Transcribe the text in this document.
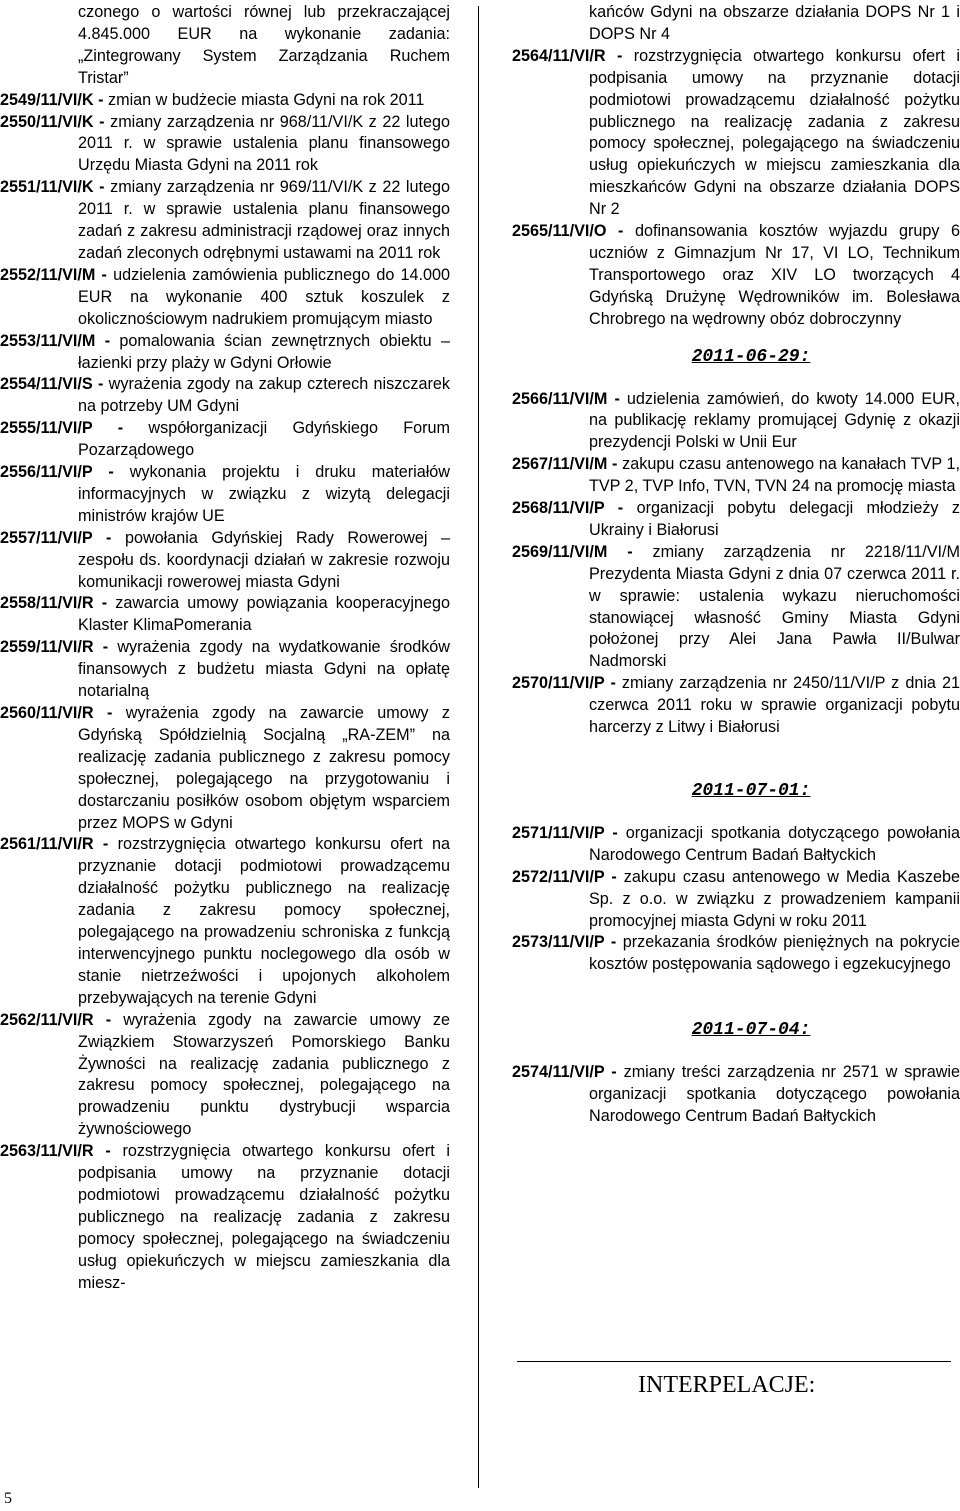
czonego o wartości równej lub przekraczającej 4.845.000 EUR na wykonanie zadania: „Zintegrowany System Zarządzania Ruchem Tristar”

2549/11/VI/K - zmian w budżecie miasta Gdyni na rok 2011

2550/11/VI/K - zmiany zarządzenia nr 968/11/VI/K z 22 lutego 2011 r. w sprawie ustalenia planu finansowego Urzędu Miasta Gdyni na 2011 rok

2551/11/VI/K - zmiany zarządzenia nr 969/11/VI/K z 22 lutego 2011 r. w sprawie ustalenia planu finansowego zadań z zakresu administracji rządowej oraz innych zadań zleconych odrębnymi ustawami na 2011 rok

2552/11/VI/M - udzielenia zamówienia publicznego do 14.000 EUR na wykonanie 400 sztuk koszulek z okolicznościowym nadrukiem promującym miasto

2553/11/VI/M - pomalowania ścian zewnętrznych obiektu – łazienki przy plaży w Gdyni Orłowie

2554/11/VI/S - wyrażenia zgody na zakup czterech niszczarek na potrzeby UM Gdyni

2555/11/VI/P - współorganizacji Gdyńskiego Forum Pozarządowego

2556/11/VI/P - wykonania projektu i druku materiałów informacyjnych w związku z wizytą delegacji ministrów krajów UE

2557/11/VI/P - powołania Gdyńskiej Rady Rowerowej – zespołu ds. koordynacji działań w zakresie rozwoju komunikacji rowerowej miasta Gdyni

2558/11/VI/R - zawarcia umowy powiązania kooperacyjnego Klaster KlimaPomerania

2559/11/VI/R - wyrażenia zgody na wydatkowanie środków finansowych z budżetu miasta Gdyni na opłatę notarialną

2560/11/VI/R - wyrażenia zgody na zawarcie umowy z Gdyńską Spółdzielnią Socjalną „RA-ZEM” na realizację zadania publicznego z zakresu pomocy społecznej, polegającego na przygotowaniu i dostarczaniu posiłków osobom objętym wsparciem przez MOPS w Gdyni

2561/11/VI/R - rozstrzygnięcia otwartego konkursu ofert na przyznanie dotacji podmiotowi prowadzącemu działalność pożytku publicznego na realizację zadania z zakresu pomocy społecznej, polegającego na prowadzeniu schroniska z funkcją interwencyjnego punktu noclegowego dla osób w stanie nietrzeźwości i upojonych alkoholem przebywających na terenie Gdyni

2562/11/VI/R - wyrażenia zgody na zawarcie umowy ze Związkiem Stowarzyszeń Pomorskiego Banku Żywności na realizację zadania publicznego z zakresu pomocy społecznej, polegającego na prowadzeniu punktu dystrybucji wsparcia żywnościowego

2563/11/VI/R - rozstrzygnięcia otwartego konkursu ofert i podpisania umowy na przyznanie dotacji podmiotowi prowadzącemu działalność pożytku publicznego na realizację zadania z zakresu pomocy społecznej, polegającego na świadczeniu usług opiekuńczych w miejscu zamieszkania dla miesz-

kańców Gdyni na obszarze działania DOPS Nr 1 i DOPS Nr 4

2564/11/VI/R - rozstrzygnięcia otwartego konkursu ofert i podpisania umowy na przyznanie dotacji podmiotowi prowadzącemu działalność pożytku publicznego na realizację zadania z zakresu pomocy społecznej, polegającego na świadczeniu usług opiekuńczych w miejscu zamieszkania dla mieszkańców Gdyni na obszarze działania DOPS Nr 2

2565/11/VI/O - dofinansowania kosztów wyjazdu grupy 6 uczniów z Gimnazjum Nr 17, VI LO, Technikum Transportowego oraz XIV LO tworzących 4 Gdyńską Drużynę Wędrowników im. Bolesława Chrobrego na wędrowny obóz dobroczynny

2011-06-29:

2566/11/VI/M - udzielenia zamówień, do kwoty 14.000 EUR, na publikację reklamy promującej Gdynię z okazji prezydencji Polski w Unii Eur

2567/11/VI/M - zakupu czasu antenowego na kanałach TVP 1, TVP 2, TVP Info, TVN, TVN 24 na promocję miasta

2568/11/VI/P - organizacji pobytu delegacji młodzieży z Ukrainy i Białorusi

2569/11/VI/M - zmiany zarządzenia nr 2218/11/VI/M Prezydenta Miasta Gdyni z dnia 07 czerwca 2011 r. w sprawie: ustalenia wykazu nieruchomości stanowiącej własność Gminy Miasta Gdyni położonej przy Alei Jana Pawła II/Bulwar Nadmorski

2570/11/VI/P - zmiany zarządzenia nr 2450/11/VI/P z dnia 21 czerwca 2011 roku w sprawie organizacji pobytu harcerzy z Litwy i Białorusi

2011-07-01:

2571/11/VI/P - organizacji spotkania dotyczącego powołania Narodowego Centrum Badań Bałtyckich

2572/11/VI/P - zakupu czasu antenowego w Media Kaszebe Sp. z o.o. w związku z prowadzeniem kampanii promocyjnej miasta Gdyni w roku 2011

2573/11/VI/P - przekazania środków pieniężnych na pokrycie kosztów postępowania sądowego i egzekucyjnego

2011-07-04:

2574/11/VI/P - zmiany treści zarządzenia nr 2571 w sprawie organizacji spotkania dotyczącego powołania Narodowego Centrum Badań Bałtyckich

INTERPELACJE:
5
